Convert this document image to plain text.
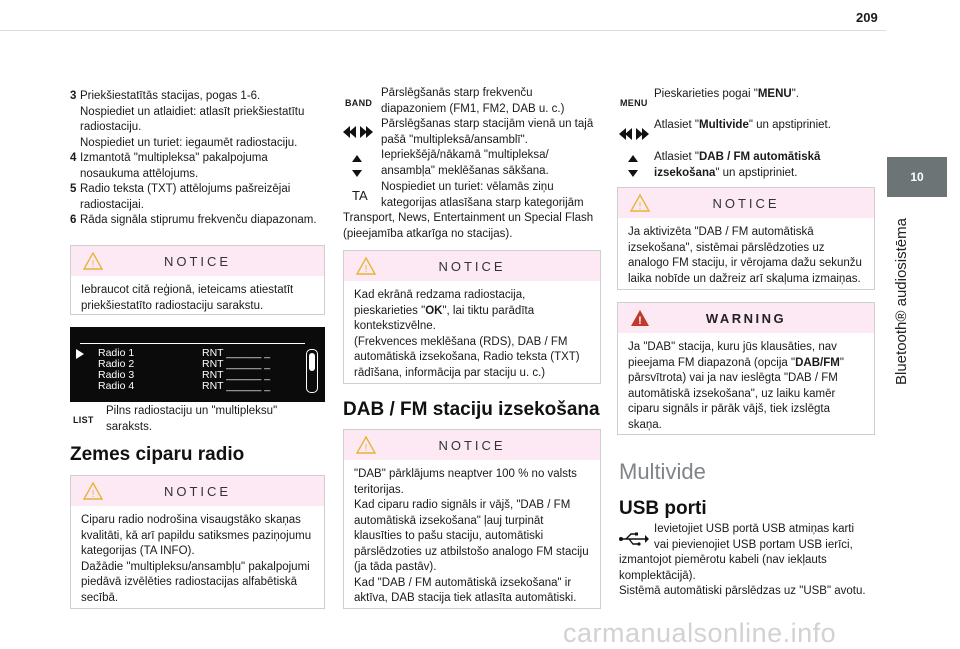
209
10
Bluetooth® audiosistēma
3 Priekšiestatītās stacijas, pogas 1-6.
Nospiediet un atlaidiet: atlasīt priekšiestatītu
radiostaciju.
Nospiediet un turiet: iegaumēt radiostaciju.
4 Izmantotā "multipleksa" pakalpojuma
nosaukuma attēlojums.
5 Radio teksta (TXT) attēlojums pašreizējai
radiostacijai.
6 Rāda signāla stiprumu frekvenču diapazonam.
!	NOTICE
Iebraucot citā reģionā, ieteicams atiestatīt
priekšiestatīto radiostaciju sarakstu.
Radio 1	RNT ______ _
Radio 2	RNT ______ _
Radio 3	RNT ______ _
Radio 4	RNT ______ _
LIST
Pilns radiostaciju un "multipleksu"
saraksts.
Zemes ciparu radio
!	NOTICE
Ciparu radio nodrošina visaugstāko skaņas
kvalitāti, kā arī papildu satiksmes paziņojumu
kategorijas (TA INFO).
Dažādie "multipleksu/ansambļu" pakalpojumi
piedāvā izvēlēties radiostacijas alfabētiskā
secībā.
BAND
Pārslēgšanās starp frekvenču
diapazoniem (FM1, FM2, DAB u. c.)
Pārslēgšanas starp stacijām vienā un tajā
pašā "multipleksā/ansamblī".
Iepriekšējā/nākamā "multipleksa/
ansambļa" meklēšanas sākšana.
TA
Nospiediet un turiet: vēlamās ziņu
kategorijas atlasīšana starp kategorijām
Transport, News, Entertainment un Special Flash
(pieejamība atkarīga no stacijas).
!	NOTICE
Kad ekrānā redzama radiostacija,
pieskarieties "OK", lai tiktu parādīta
kontekstizvēlne.
(Frekvences meklēšana (RDS), DAB / FM
automātiskā izsekošana, Radio teksta (TXT)
rādīšana, informācija par staciju u. c.)
DAB / FM staciju izsekošana
!	NOTICE
"DAB" pārklājums neaptver 100 % no valsts
teritorijas.
Kad ciparu radio signāls ir vājš, "DAB / FM
automātiskā izsekošana" ļauj turpināt
klausīties to pašu staciju, automātiski
pārslēdzoties uz atbilstošo analogo FM staciju
(ja tāda pastāv).
Kad "DAB / FM automātiskā izsekošana" ir
aktīva, DAB stacija tiek atlasīta automātiski.
MENU
Pieskarieties pogai "MENU".
Atlasiet "Multivide" un apstipriniet.
Atlasiet "DAB / FM automātiskā
izsekošana" un apstipriniet.
!	NOTICE
Ja aktivizēta "DAB / FM automātiskā
izsekošana", sistēmai pārslēdzoties uz
analogo FM staciju, ir vērojama dažu sekunžu
laika nobīde un dažreiz arī skaļuma izmaiņas.
!	WARNING
Ja "DAB" stacija, kuru jūs klausāties, nav
pieejama FM diapazonā (opcija "DAB/FM"
pārsvītrota) vai ja nav ieslēgta "DAB / FM
automātiskā izsekošana", uz laiku kamēr
ciparu signāls ir pārāk vājš, tiek izslēgta
skaņa.
Multivide
USB porti
Ievietojiet USB portā USB atmiņas karti
vai pievienojiet USB portam USB ierīci,
izmantojot piemērotu kabeli (nav iekļauts
komplektācijā).
Sistēmā automātiski pārslēdzas uz "USB" avotu.
carmanualsonline.info
